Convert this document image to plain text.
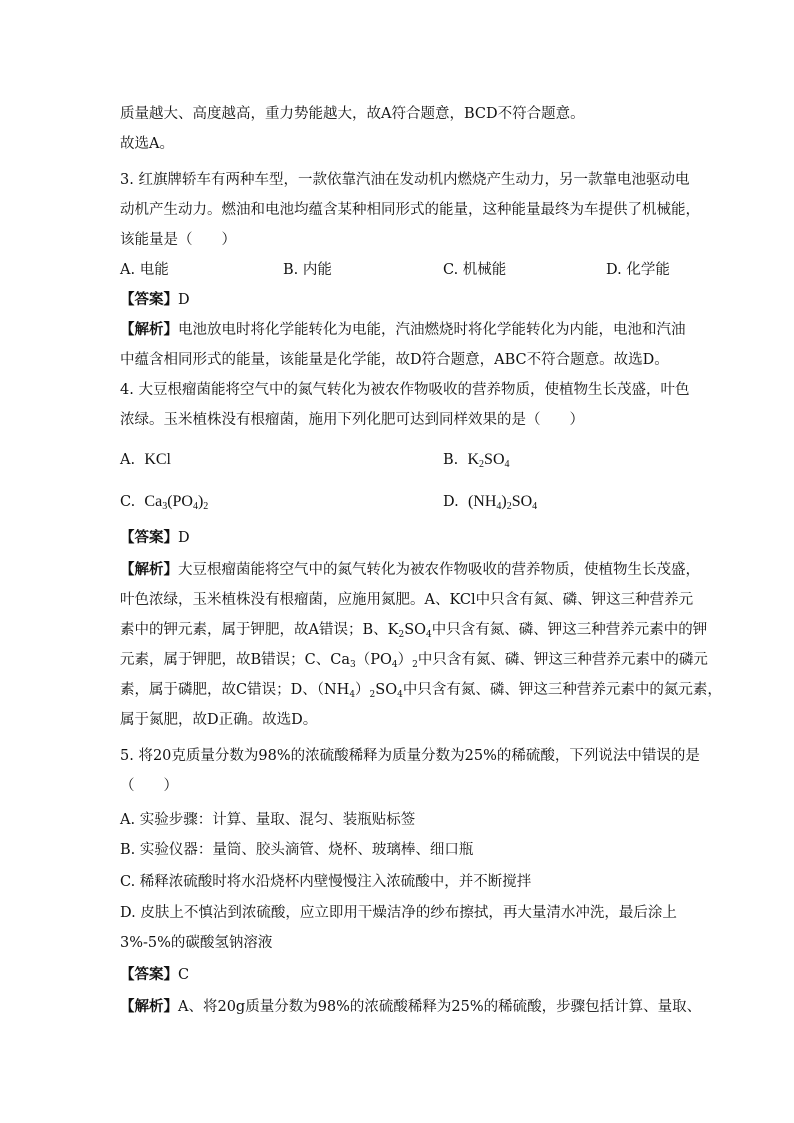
质量越大、高度越高，重力势能越大，故A符合题意，BCD不符合题意。
故选A。
3. 红旗牌轿车有两种车型，一款依靠汽油在发动机内燃烧产生动力，另一款靠电池驱动电
动机产生动力。燃油和电池均蕴含某种相同形式的能量，这种能量最终为车提供了机械能，
该能量是（　　）
A. 电能	B. 内能	C. 机械能	D. 化学能
【答案】D
【解析】电池放电时将化学能转化为电能，汽油燃烧时将化学能转化为内能，电池和汽油
中蕴含相同形式的能量，该能量是化学能，故D符合题意，ABC不符合题意。故选D。
4. 大豆根瘤菌能将空气中的氮气转化为被农作物吸收的营养物质，使植物生长茂盛，叶色
浓绿。玉米植株没有根瘤菌，施用下列化肥可达到同样效果的是（　　）
A. KCl	B. $K_2SO_4$
C. $Ca_3(PO_4)_2$	D. $(NH_4)_2SO_4$
【答案】D
【解析】大豆根瘤菌能将空气中的氮气转化为被农作物吸收的营养物质，使植物生长茂盛，
叶色浓绿，玉米植株没有根瘤菌，应施用氮肥。A、KCl中只含有氮、磷、钾这三种营养元
素中的钾元素，属于钾肥，故A错误；B、$K_2SO_4$中只含有氮、磷、钾这三种营养元素中的钾
元素，属于钾肥，故B错误；C、$Ca_3(PO_4)_2$中只含有氮、磷、钾这三种营养元素中的磷元
素，属于磷肥，故C错误；D、$(NH_4)_2SO_4$中只含有氮、磷、钾这三种营养元素中的氮元素，
属于氮肥，故D正确。故选D。
5. 将20克质量分数为98%的浓硫酸稀释为质量分数为25%的稀硫酸，下列说法中错误的是
（　　）
A. 实验步骤：计算、量取、混匀、装瓶贴标签
B. 实验仪器：量筒、胶头滴管、烧杯、玻璃棒、细口瓶
C. 稀释浓硫酸时将水沿烧杯内壁慢慢注入浓硫酸中，并不断搅拌
D. 皮肤上不慎沾到浓硫酸，应立即用干燥洁净的纱布擦拭，再大量清水冲洗，最后涂上
3%-5%的碳酸氢钠溶液
【答案】C
【解析】A、将20g质量分数为98%的浓硫酸稀释为25%的稀硫酸，步骤包括计算、量取、
